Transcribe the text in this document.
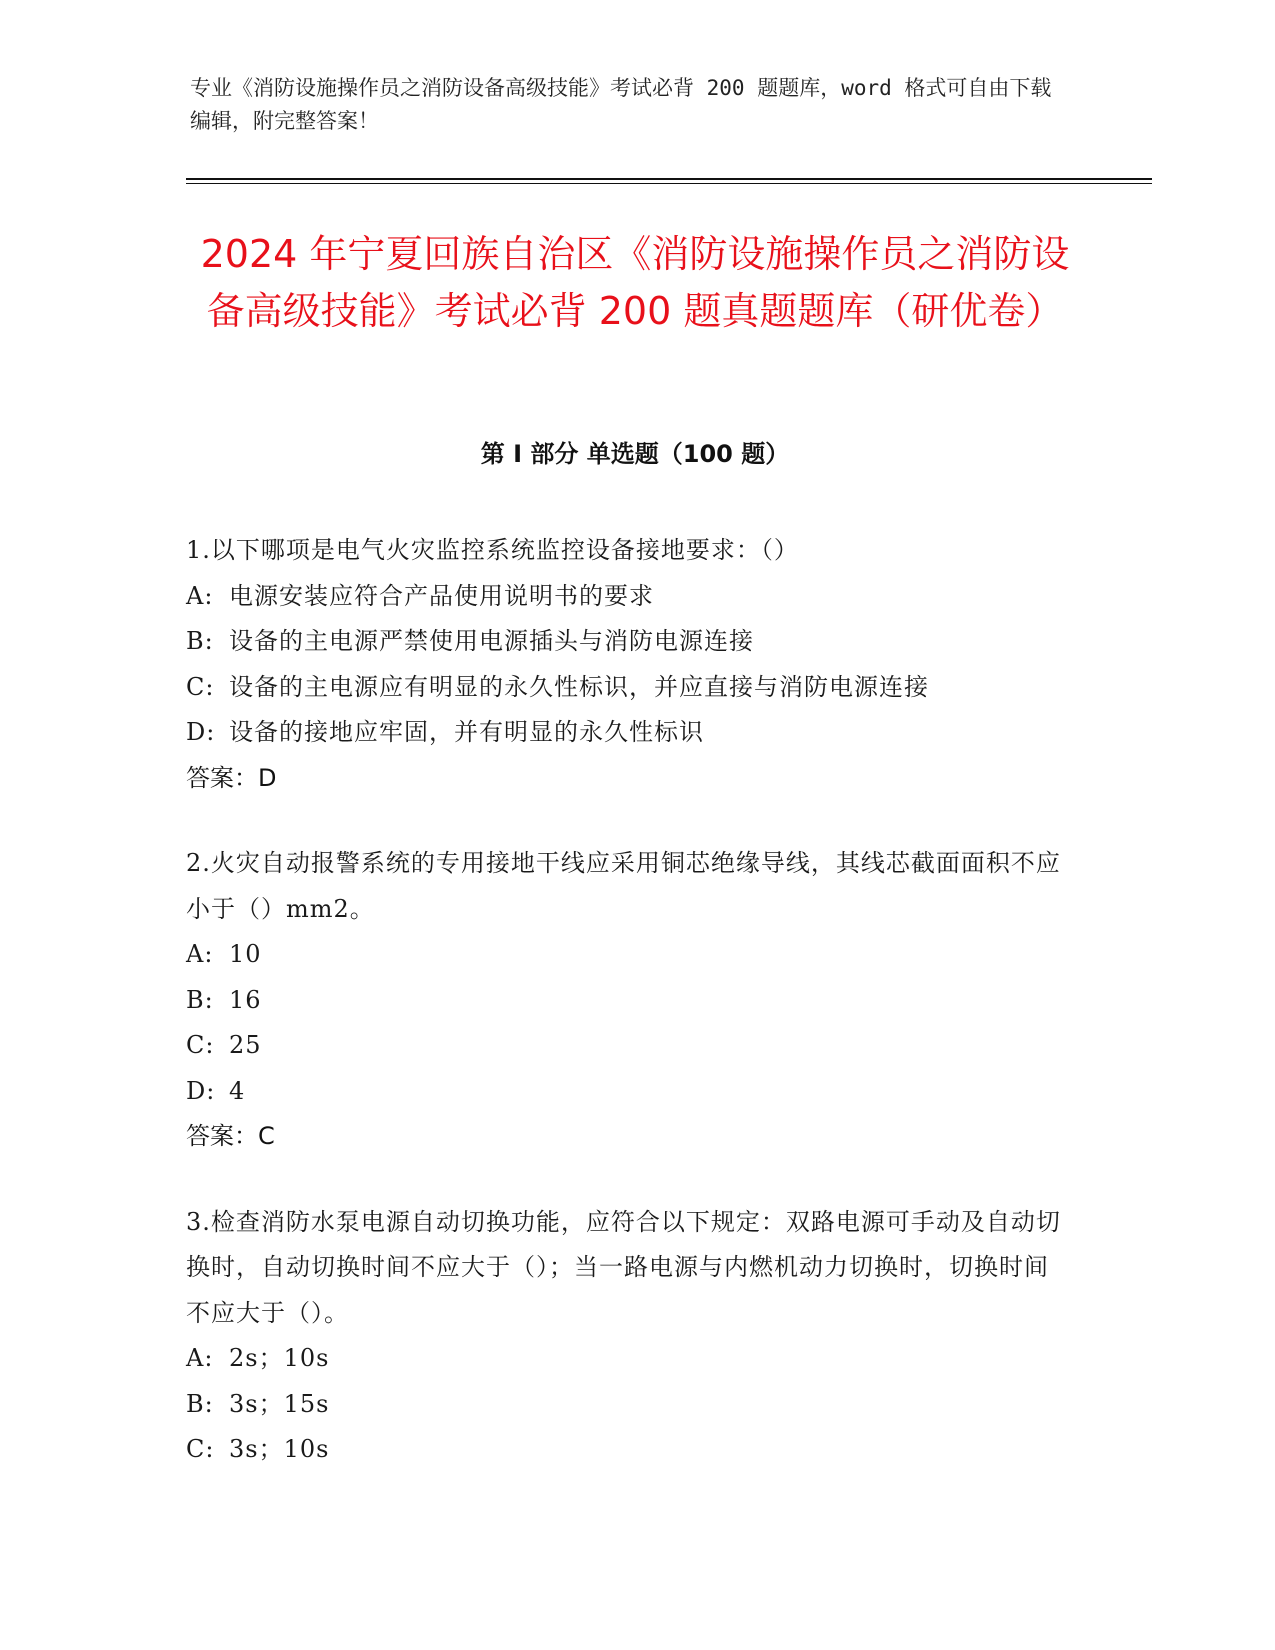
专业《消防设施操作员之消防设备高级技能》考试必背 200 题题库，word 格式可自由下载编辑，附完整答案！
2024 年宁夏回族自治区《消防设施操作员之消防设备高级技能》考试必背 200 题真题题库（研优卷）
第 I 部分 单选题（100 题）

1.以下哪项是电气火灾监控系统监控设备接地要求：（）

A: 电源安装应符合产品使用说明书的要求

B: 设备的主电源严禁使用电源插头与消防电源连接

C: 设备的主电源应有明显的永久性标识，并应直接与消防电源连接

D: 设备的接地应牢固，并有明显的永久性标识

答案：D

2.火灾自动报警系统的专用接地干线应采用铜芯绝缘导线，其线芯截面面积不应小于（）mm2。

A: 10

B: 16

C: 25

D: 4

答案：C

3.检查消防水泵电源自动切换功能，应符合以下规定：双路电源可手动及自动切换时，自动切换时间不应大于（）；当一路电源与内燃机动力切换时，切换时间不应大于（）。

A: 2s；10s

B: 3s；15s

C: 3s；10s
